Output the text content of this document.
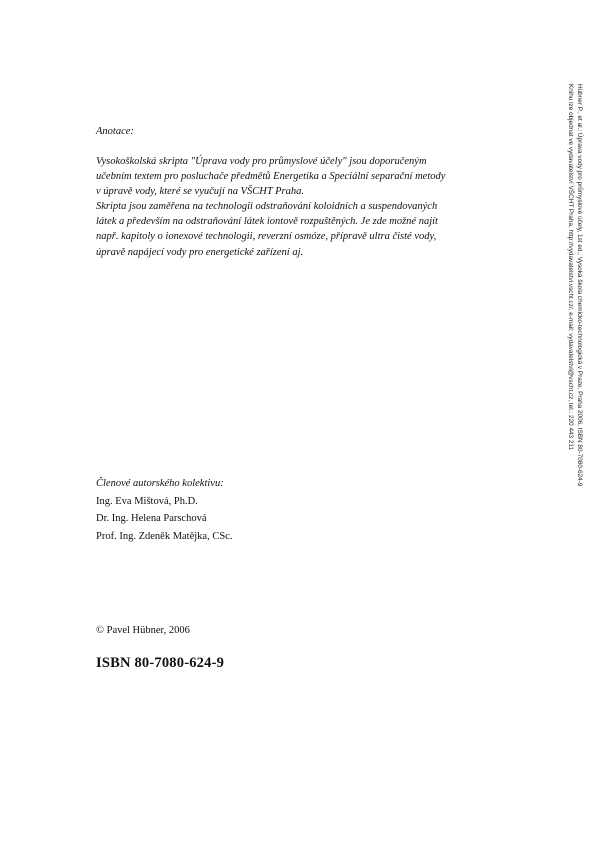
Anotace:
Vysokoškolská skripta "Úprava vody pro průmyslové účely" jsou doporučeným
učebním textem pro posluchače předmětů Energetika a Speciální separační metody
v úpravě vody, které se vyučují na VŠCHT Praha.
Skripta jsou zaměřena na technologii odstraňování koloidních a suspendovaných
látek a především na odstraňování látek iontově rozpuštěných. Je zde možné najít
např. kapitoly o ionexové technologii, reverzní osmóze, přípravě ultra čisté vody,
úpravě napájecí vody pro energetické zařízení aj.
Členové autorského kolektivu:
Ing. Eva Mištová, Ph.D.
Dr. Ing. Helena Parschová
Prof. Ing. Zdeněk Matějka, CSc.
© Pavel Hübner, 2006
ISBN 80-7080-624-9
Hübner P., et al.: Úprava vody pro průmyslové účely, 1st ed., Vysoká škola chemicko-technologická v Praze, Praha 2006, ISBN 80-7080-624-9
Knihu lze objednat ve vydavatelství VŠCHT Praha, http://vydavatelstvi.vscht.cz/, e-mail: vydavatelstvi@vscht.cz, tel.: 220 443 211
